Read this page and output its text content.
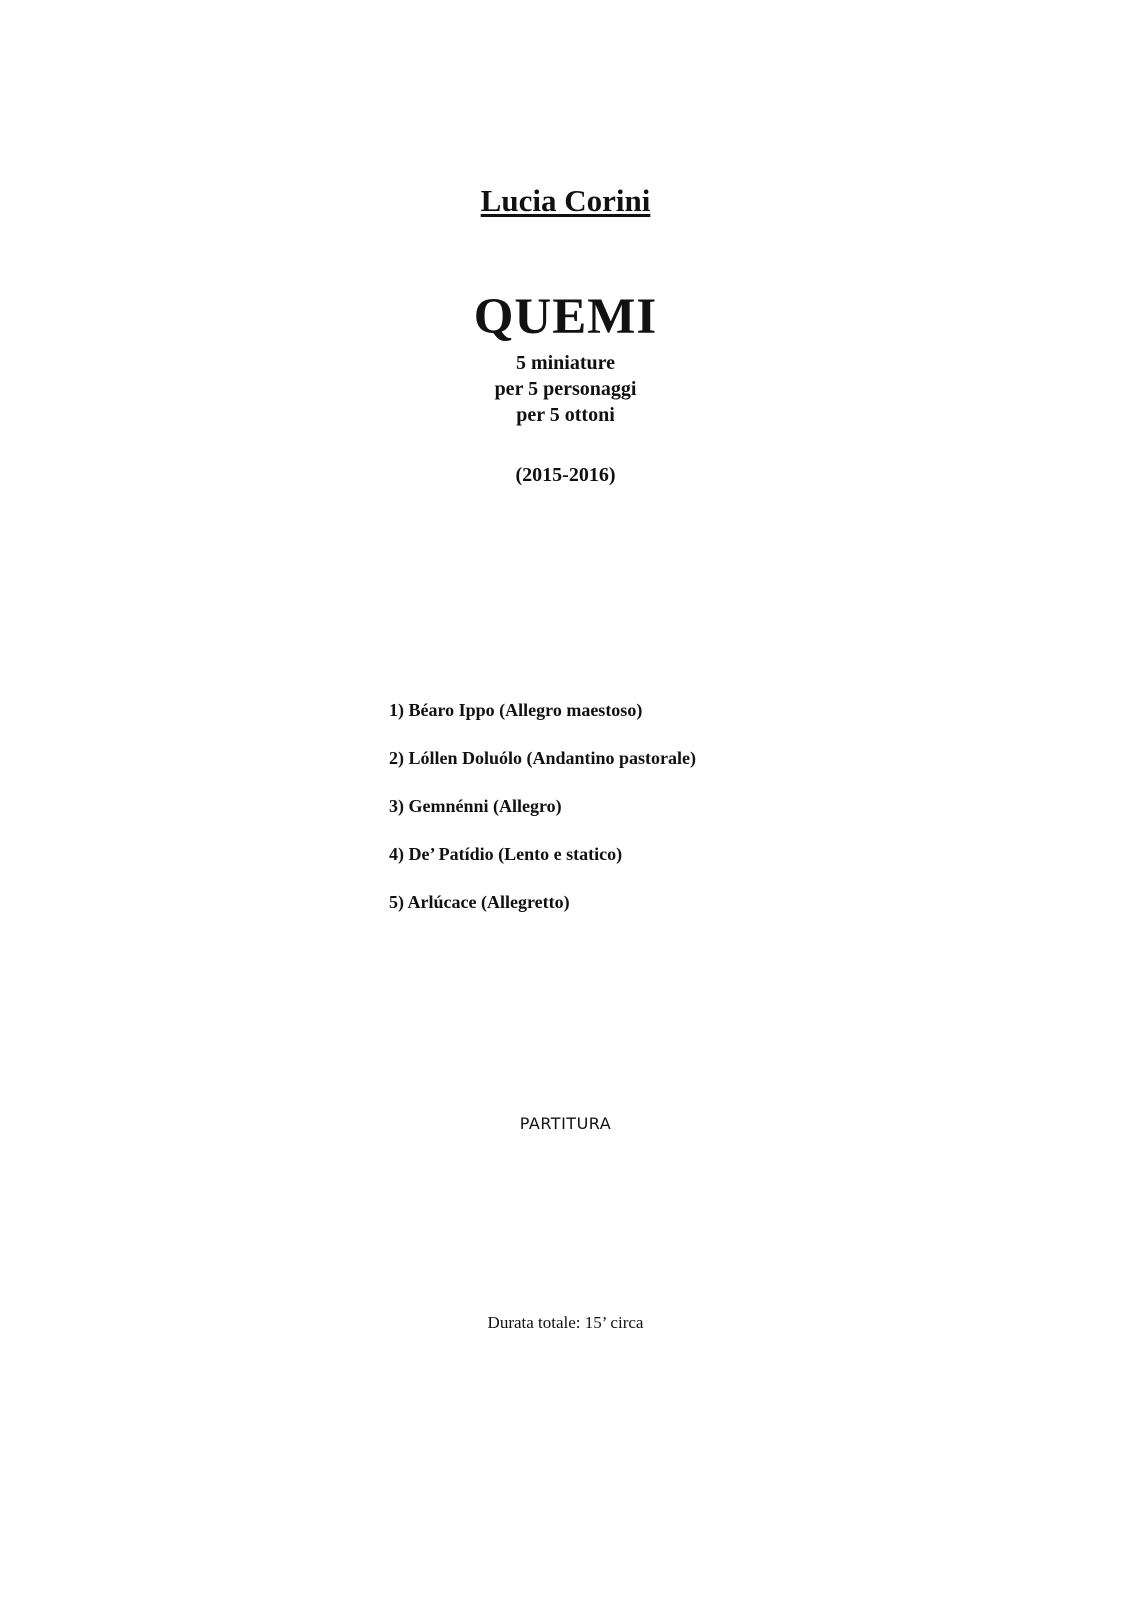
Lucia Corini
QUEMI
5 miniature
per 5 personaggi
per 5 ottoni
(2015-2016)
1) Béaro Ippo (Allegro maestoso)
2) Lóllen Doluólo (Andantino pastorale)
3) Gemnénni (Allegro)
4) De’ Patídio (Lento e statico)
5) Arlúcace (Allegretto)
PARTITURA
Durata totale: 15’ circa
